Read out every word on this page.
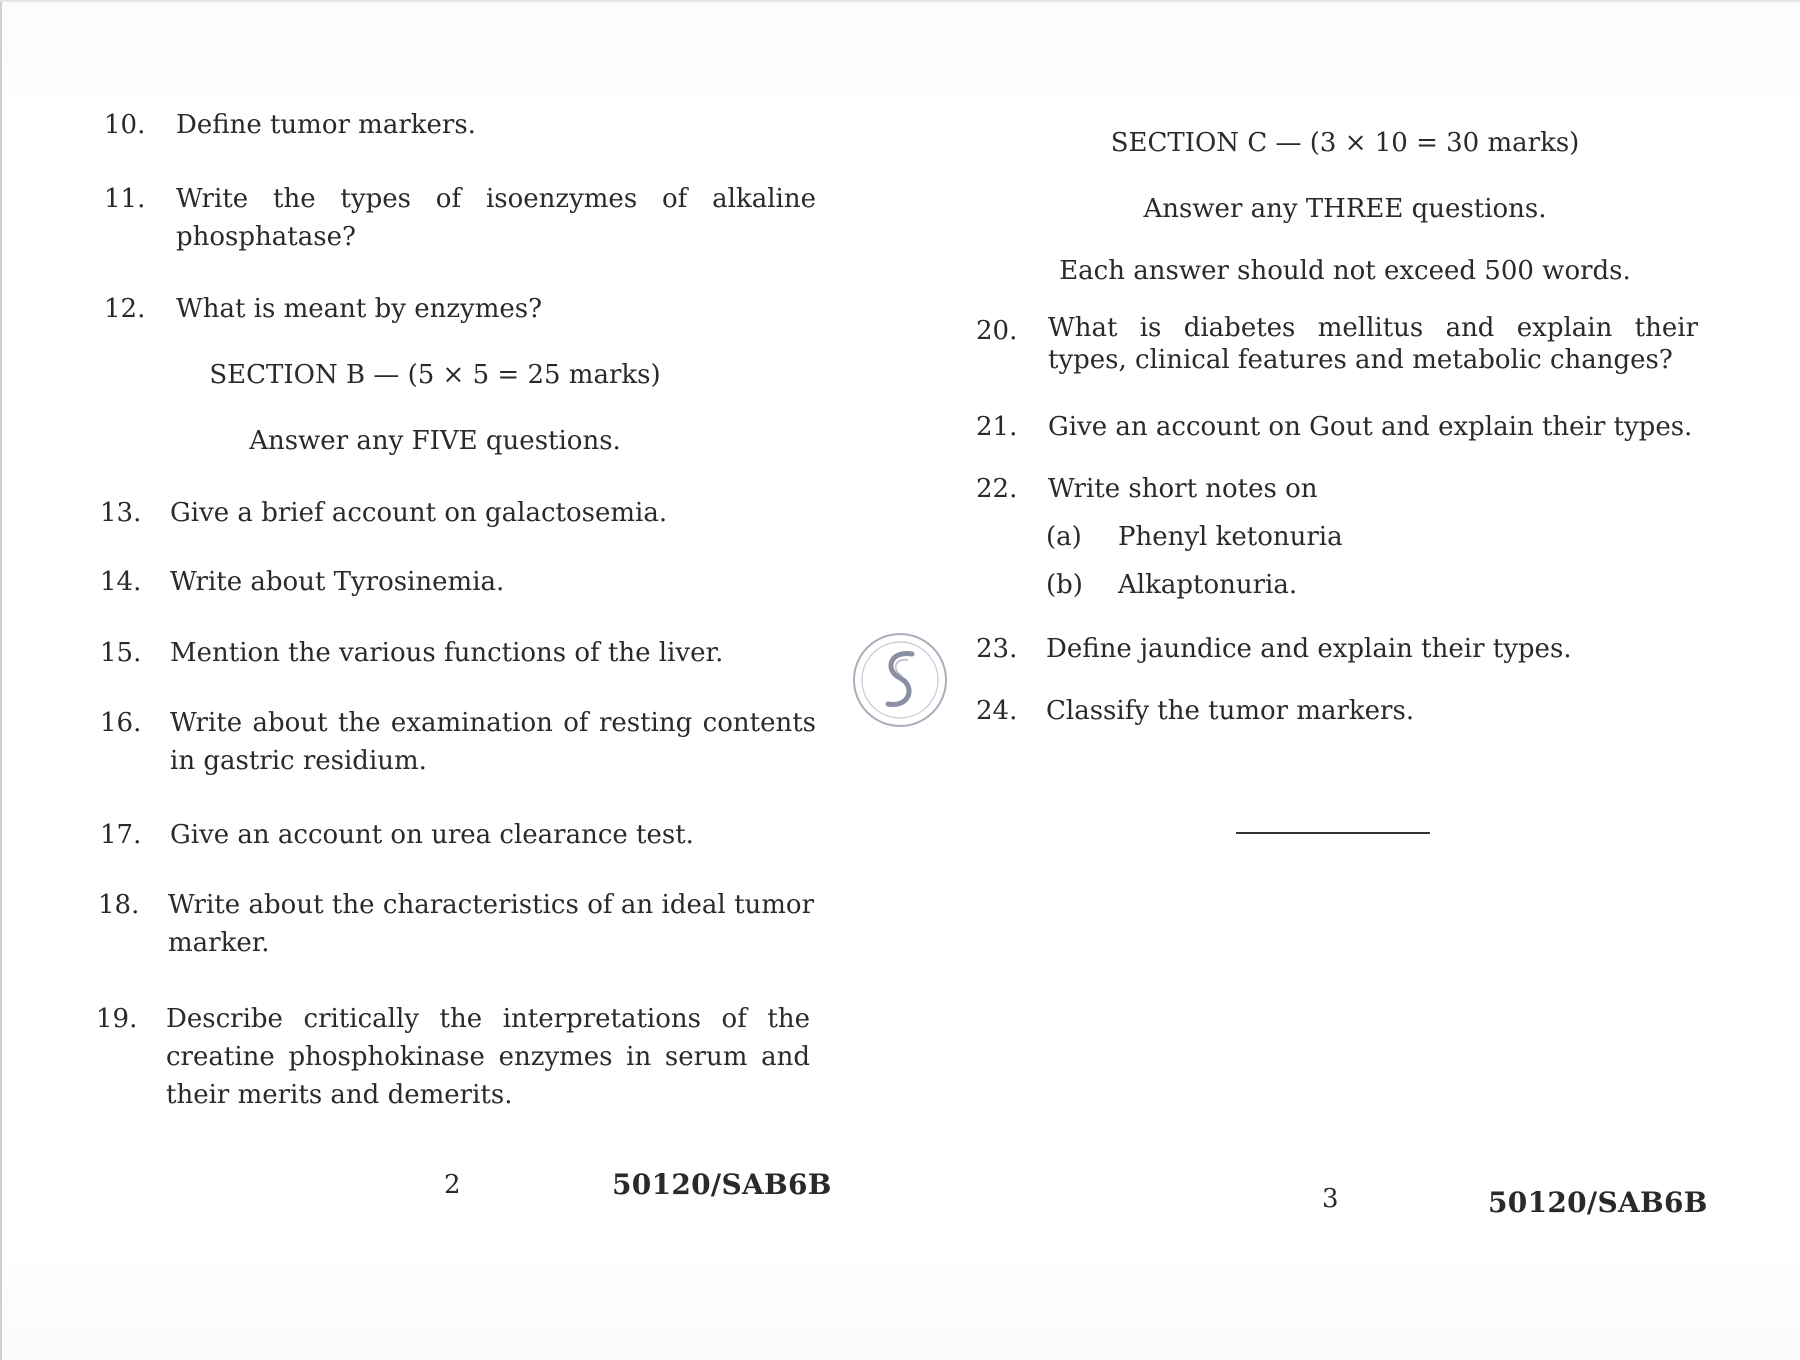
10. Define tumor markers.
11. Write the types of isoenzymes of alkaline phosphatase?
12. What is meant by enzymes?
SECTION B — (5 × 5 = 25 marks)
Answer any FIVE questions.
13. Give a brief account on galactosemia.
14. Write about Tyrosinemia.
15. Mention the various functions of the liver.
16. Write about the examination of resting contents in gastric residium.
17. Give an account on urea clearance test.
18. Write about the characteristics of an ideal tumor marker.
19. Describe critically the interpretations of the creatine phosphokinase enzymes in serum and their merits and demerits.
2	50120/SAB6B
SECTION C — (3 × 10 = 30 marks)
Answer any THREE questions.
Each answer should not exceed 500 words.
20. What is diabetes mellitus and explain their types, clinical features and metabolic changes?
21. Give an account on Gout and explain their types.
22. Write short notes on
(a) Phenyl ketonuria
(b) Alkaptonuria.
23. Define jaundice and explain their types.
24. Classify the tumor markers.
3	50120/SAB6B
